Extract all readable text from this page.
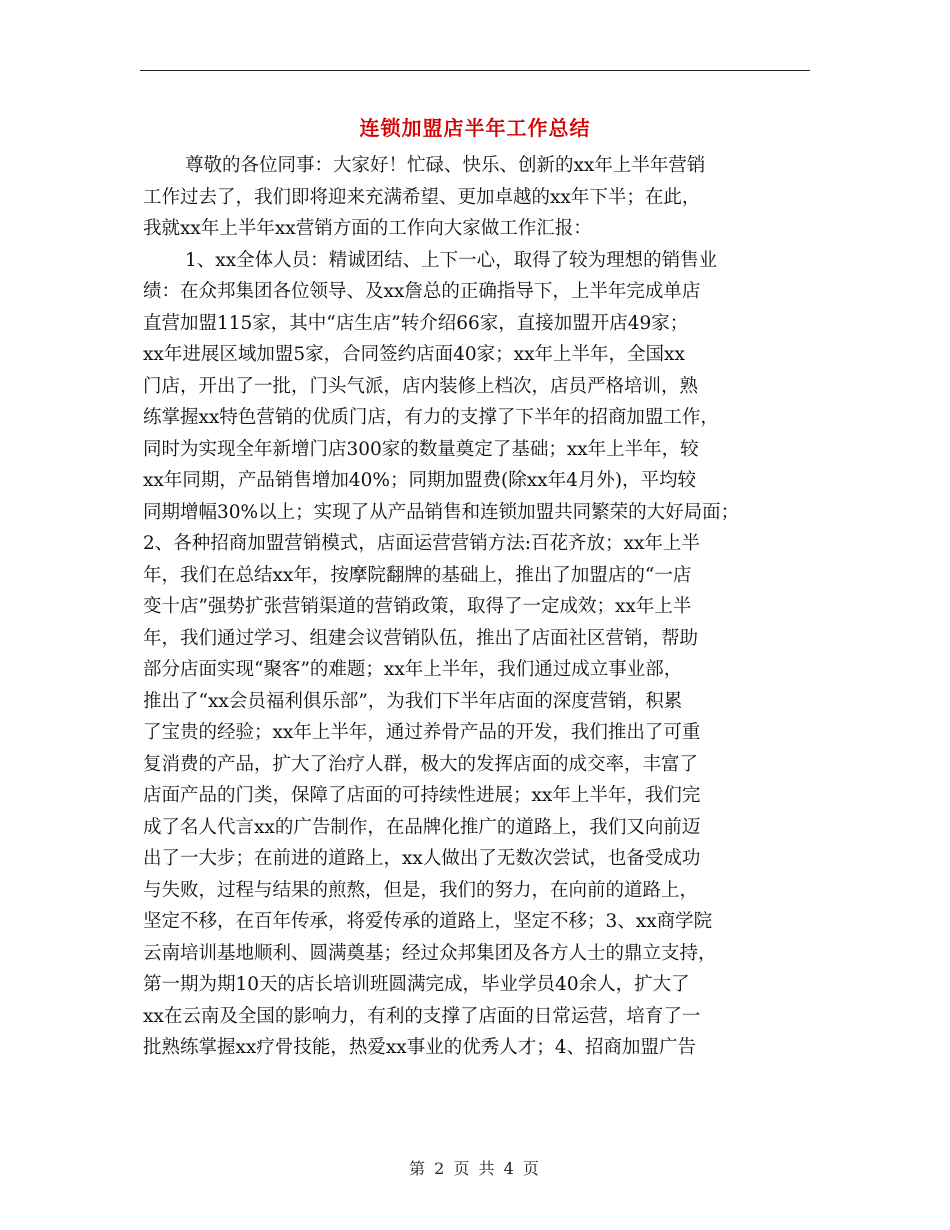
连锁加盟店半年工作总结
尊敬的各位同事：大家好！忙碌、快乐、创新的xx年上半年营销
工作过去了，我们即将迎来充满希望、更加卓越的xx年下半；在此，
我就xx年上半年xx营销方面的工作向大家做工作汇报：
1、xx全体人员：精诚团结、上下一心，取得了较为理想的销售业
绩：在众邦集团各位领导、及xx詹总的正确指导下，上半年完成单店
直营加盟115家，其中“店生店”转介绍66家，直接加盟开店49家；
xx年进展区域加盟5家，合同签约店面40家；xx年上半年，全国xx
门店，开出了一批，门头气派，店内装修上档次，店员严格培训，熟
练掌握xx特色营销的优质门店，有力的支撑了下半年的招商加盟工作，
同时为实现全年新增门店300家的数量奠定了基础；xx年上半年，较
xx年同期，产品销售增加40%；同期加盟费(除xx年4月外)，平均较
同期增幅30%以上；实现了从产品销售和连锁加盟共同繁荣的大好局面；
2、各种招商加盟营销模式，店面运营营销方法:百花齐放；xx年上半
年，我们在总结xx年，按摩院翻牌的基础上，推出了加盟店的“一店
变十店”强势扩张营销渠道的营销政策，取得了一定成效；xx年上半
年，我们通过学习、组建会议营销队伍，推出了店面社区营销，帮助
部分店面实现“聚客”的难题；xx年上半年，我们通过成立事业部，
推出了“xx会员福利俱乐部”，为我们下半年店面的深度营销，积累
了宝贵的经验；xx年上半年，通过养骨产品的开发，我们推出了可重
复消费的产品，扩大了治疗人群，极大的发挥店面的成交率，丰富了
店面产品的门类，保障了店面的可持续性进展；xx年上半年，我们完
成了名人代言xx的广告制作，在品牌化推广的道路上，我们又向前迈
出了一大步；在前进的道路上，xx人做出了无数次尝试，也备受成功
与失败，过程与结果的煎熬，但是，我们的努力，在向前的道路上，
坚定不移，在百年传承，将爱传承的道路上，坚定不移；3、xx商学院
云南培训基地顺利、圆满奠基；经过众邦集团及各方人士的鼎立支持，
第一期为期10天的店长培训班圆满完成，毕业学员40余人，扩大了
xx在云南及全国的影响力，有利的支撑了店面的日常运营，培育了一
批熟练掌握xx疗骨技能，热爱xx事业的优秀人才；4、招商加盟广告
第 2 页 共 4 页
